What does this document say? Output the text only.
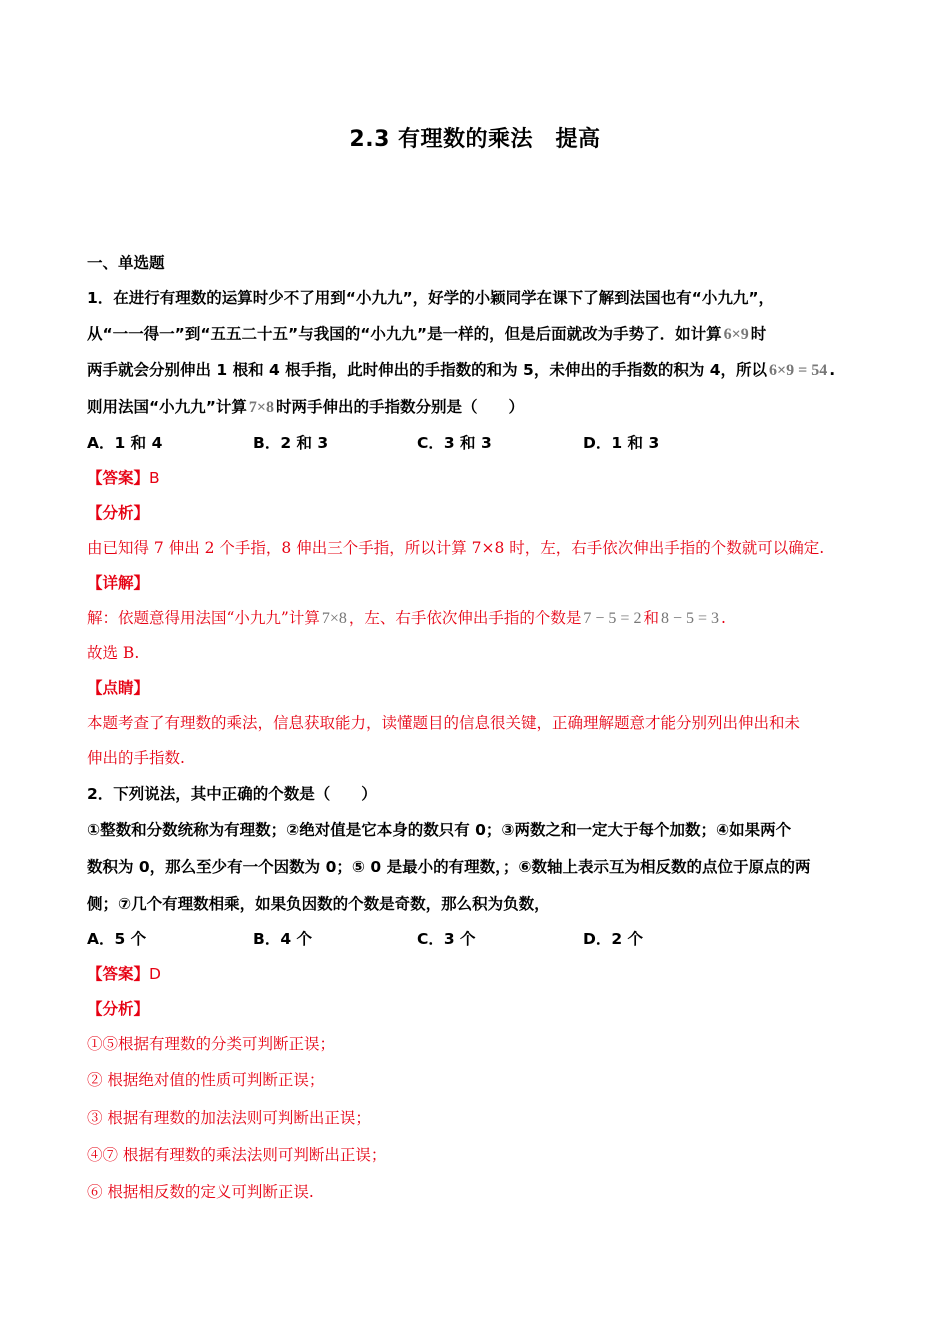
2.3 有理数的乘法　提高
一、单选题
1．在进行有理数的运算时少不了用到“小九九”，好学的小颖同学在课下了解到法国也有“小九九”，
从“一一得一”到“五五二十五”与我国的“小九九”是一样的，但是后面就改为手势了．如计算 6×9 时
两手就会分别伸出 1 根和 4 根手指，此时伸出的手指数的和为 5，未伸出的手指数的积为 4，所以 6×9 = 54 .
则用法国“小九九”计算 7×8 时两手伸出的手指数分别是（　　）
A．1 和 4	B．2 和 3	C．3 和 3	D．1 和 3
【答案】B
【分析】
由已知得 7 伸出 2 个手指，8 伸出三个手指，所以计算 7×8 时，左，右手依次伸出手指的个数就可以确定.
【详解】
解：依题意得用法国“小九九”计算 7×8 ，左、右手依次伸出手指的个数是 7 − 5 = 2 和 8 − 5 = 3 .
故选 B.
【点睛】
本题考查了有理数的乘法，信息获取能力，读懂题目的信息很关键，正确理解题意才能分别列出伸出和未
伸出的手指数.
2．下列说法，其中正确的个数是（　　）
①整数和分数统称为有理数；②绝对值是它本身的数只有 0；③两数之和一定大于每个加数；④如果两个
数积为 0，那么至少有一个因数为 0；⑤ 0 是最小的有理数，；⑥数轴上表示互为相反数的点位于原点的两
侧；⑦几个有理数相乘，如果负因数的个数是奇数，那么积为负数，
A．5 个	B．4 个	C．3 个	D．2 个
【答案】D
【分析】
①⑤根据有理数的分类可判断正误；
② 根据绝对值的性质可判断正误；
③ 根据有理数的加法法则可判断出正误；
④⑦ 根据有理数的乘法法则可判断出正误；
⑥ 根据相反数的定义可判断正误.
